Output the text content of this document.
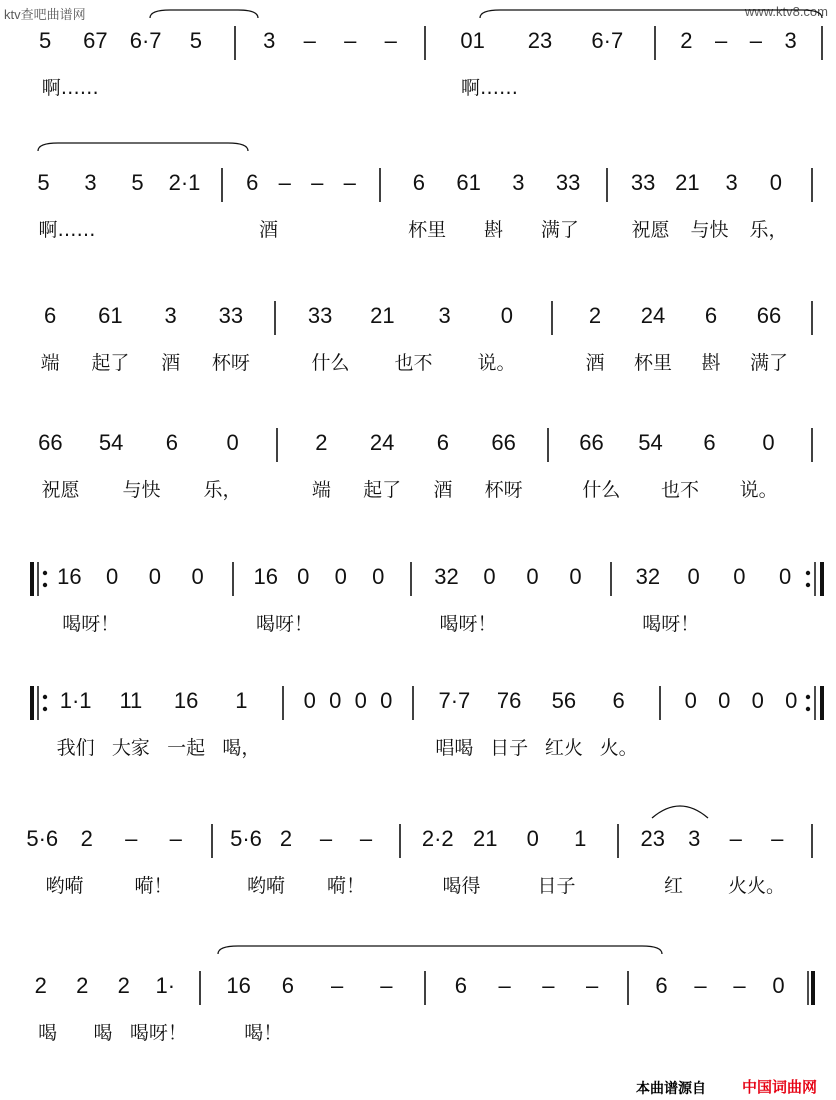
ktv查吧曲谱网	www.ktv8.com
5 67 6·7 5
啊……
3 – – –	01 23 6·7
啊……
2 – – 3
5 3 5 2·1
啊……
6 – – –
酒
6 61 3 33
杯里 斟 满了
33 21 3 0
祝愿 与快 乐，
6 61 3 33
端 起了 酒 杯呀
33 21 3 0
什么 也不 说。
2 24 6 66
酒 杯里 斟 满了
66 54 6 0
祝愿 与快 乐，
2 24 6 66
端 起了 酒 杯呀
66 54 6 0
什么 也不 说。
16 0 0 0
喝呀！
16 0 0 0
喝呀！
32 0 0 0
喝呀！
32 0 0 0
喝呀！
1·1 11 16 1
我们 大家 一起 喝，
0 0 0 0 7·7 76 56 6
唱喝 日子 红火 火。
0 0 0 0
5·6 2 – –
哟嗬	嗬！
5·6 2 – –
哟嗬 嗬！
2·2 21 0 1
喝得	日子
23 3 – –
红 火火。
2 2 2 1·
喝 喝 喝呀！
16 6 – –
喝！
6 – – –	6 – – 0
本曲谱源自 中国词曲网
